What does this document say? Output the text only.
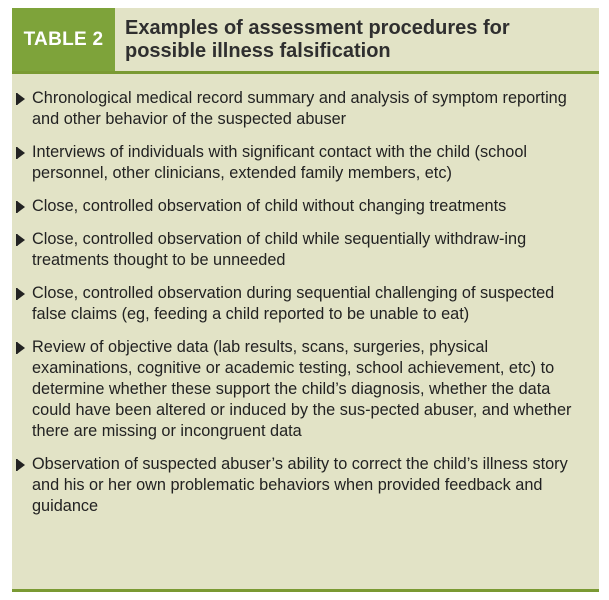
TABLE 2
Examples of assessment procedures for possible illness falsification
Chronological medical record summary and analysis of symptom reporting and other behavior of the suspected abuser
Interviews of individuals with significant contact with the child (school personnel, other clinicians, extended family members, etc)
Close, controlled observation of child without changing treatments
Close, controlled observation of child while sequentially withdraw-ing treatments thought to be unneeded
Close, controlled observation during sequential challenging of suspected false claims (eg, feeding a child reported to be unable to eat)
Review of objective data (lab results, scans, surgeries, physical examinations, cognitive or academic testing, school achievement, etc) to determine whether these support the child’s diagnosis, whether the data could have been altered or induced by the sus-pected abuser, and whether there are missing or incongruent data
Observation of suspected abuser’s ability to correct the child’s illness story and his or her own problematic behaviors when provided feedback and guidance
